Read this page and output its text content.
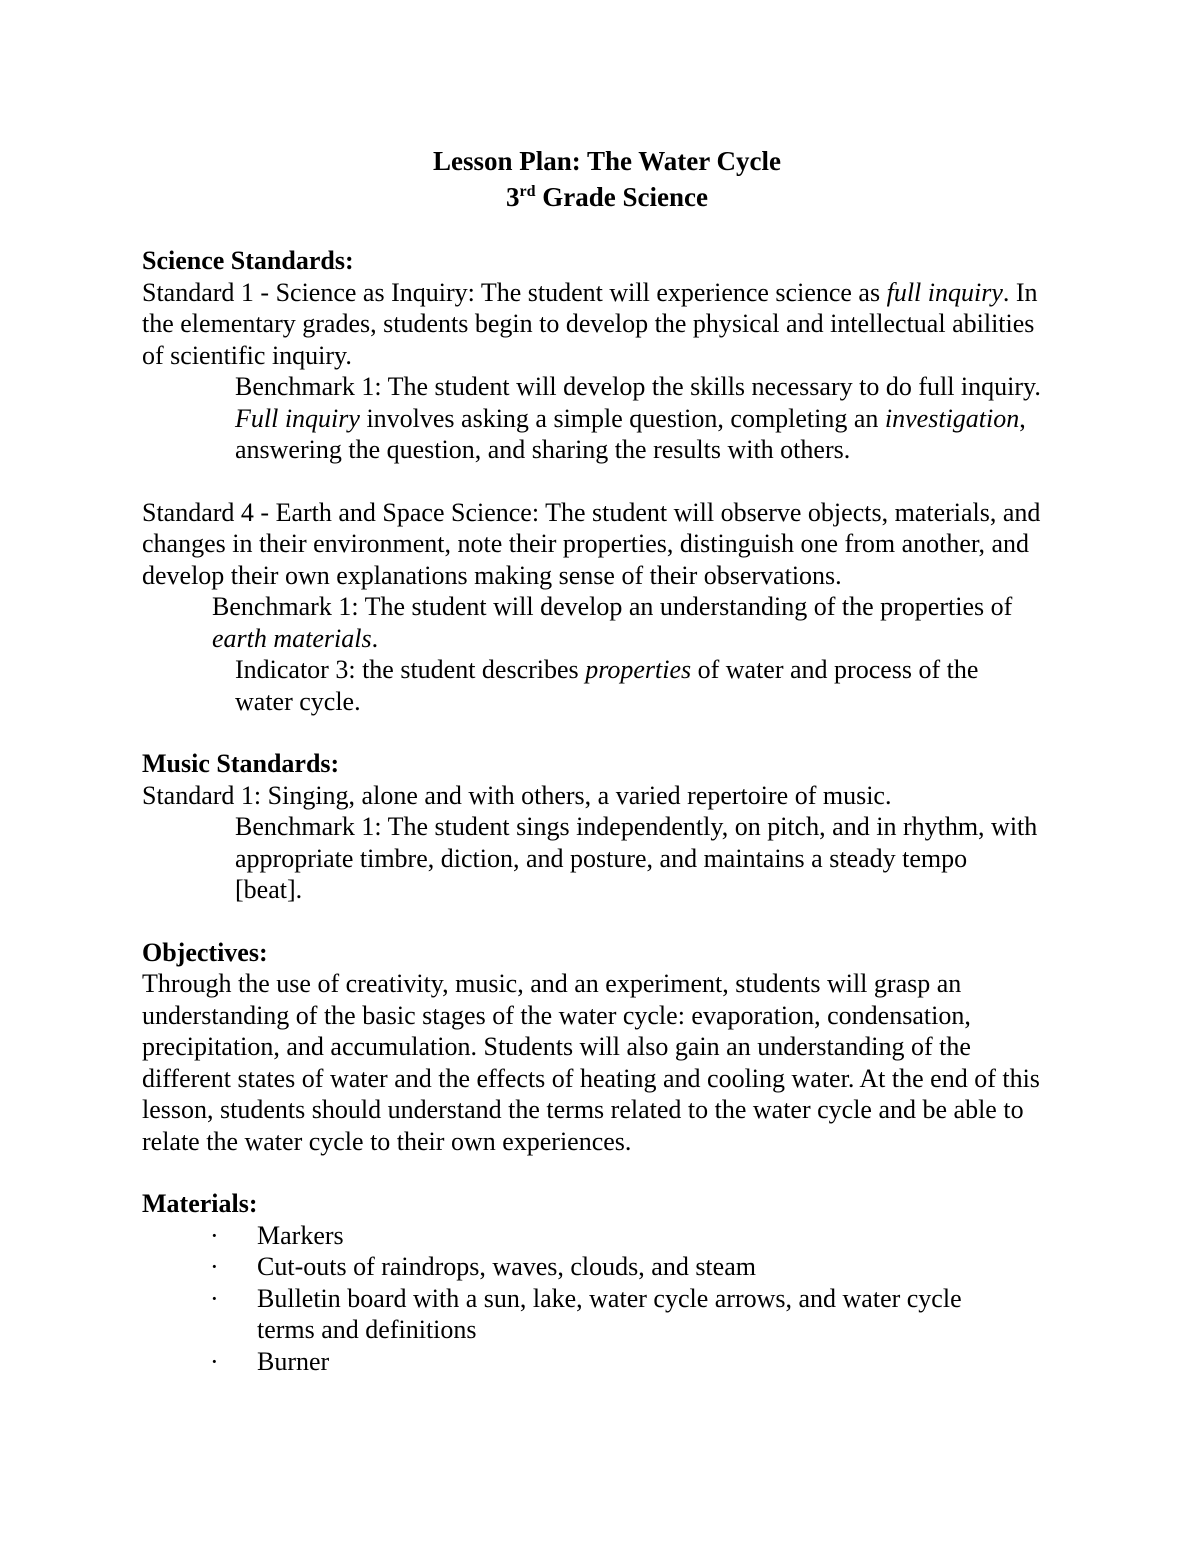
Lesson Plan: The Water Cycle

3rd Grade Science

Science Standards:

Standard 1 - Science as Inquiry: The student will experience science as full inquiry. In the elementary grades, students begin to develop the physical and intellectual abilities of scientific inquiry.

Benchmark 1: The student will develop the skills necessary to do full inquiry. Full inquiry involves asking a simple question, completing an investigation, answering the question, and sharing the results with others.

Standard 4 - Earth and Space Science: The student will observe objects, materials, and changes in their environment, note their properties, distinguish one from another, and develop their own explanations making sense of their observations.

Benchmark 1: The student will develop an understanding of the properties of earth materials.

Indicator 3: the student describes properties of water and process of the water cycle.

Music Standards:

Standard 1: Singing, alone and with others, a varied repertoire of music.

Benchmark 1: The student sings independently, on pitch, and in rhythm, with appropriate timbre, diction, and posture, and maintains a steady tempo [beat].

Objectives:

Through the use of creativity, music, and an experiment, students will grasp an understanding of the basic stages of the water cycle: evaporation, condensation, precipitation, and accumulation. Students will also gain an understanding of the different states of water and the effects of heating and cooling water. At the end of this lesson, students should understand the terms related to the water cycle and be able to relate the water cycle to their own experiences.

Materials:

·	Markers
·	Cut-outs of raindrops, waves, clouds, and steam
·	Bulletin board with a sun, lake, water cycle arrows, and water cycle terms and definitions
·	Burner
